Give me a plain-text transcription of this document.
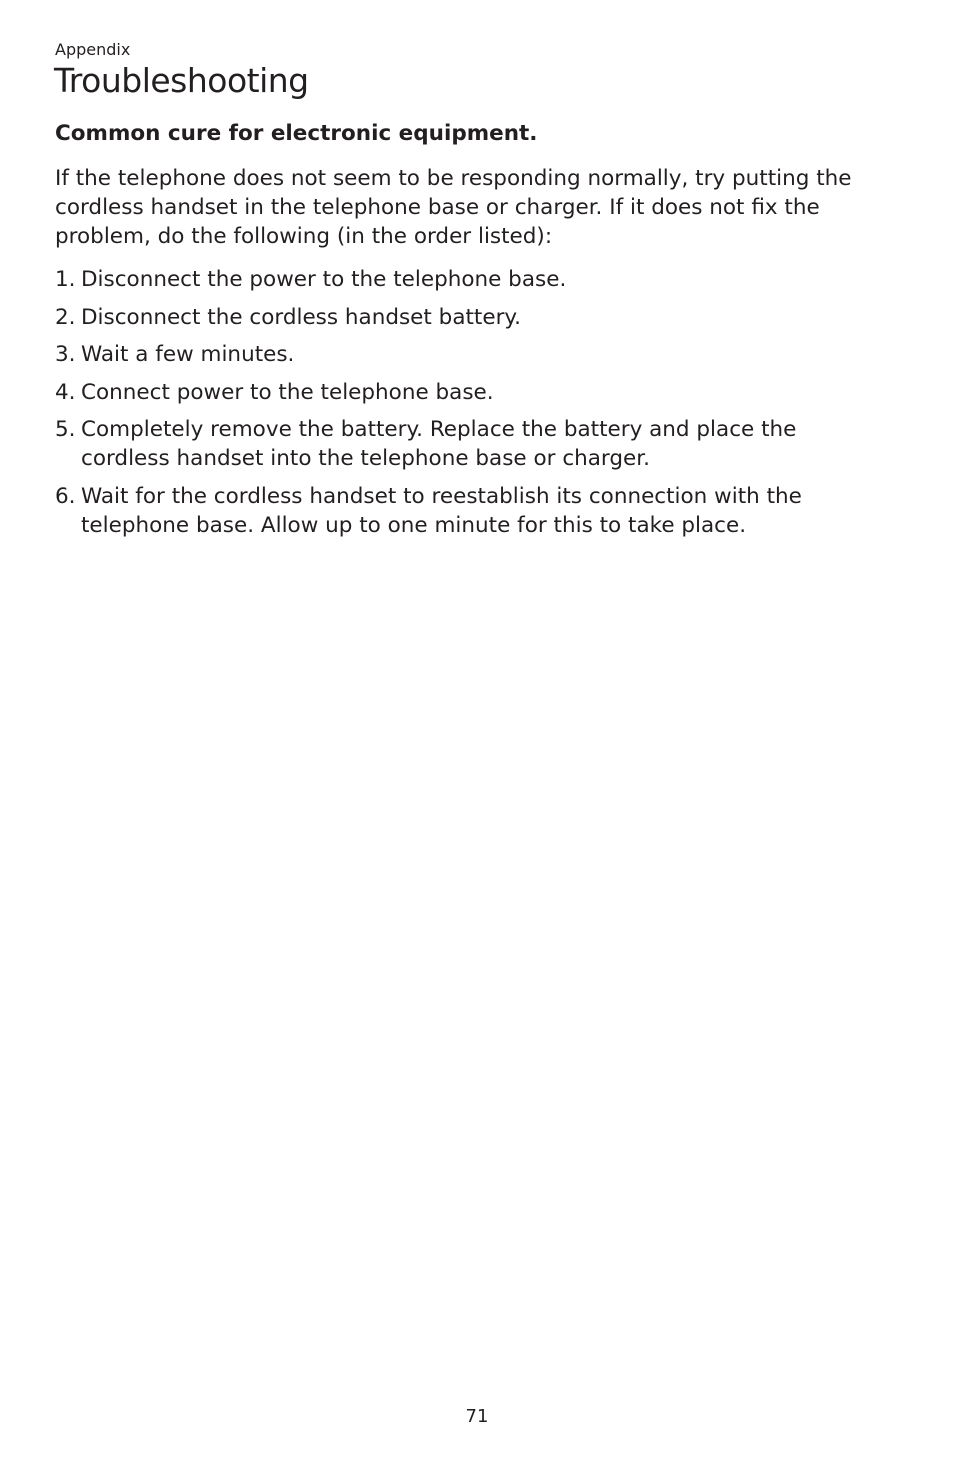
Appendix
Troubleshooting

Common cure for electronic equipment.

If the telephone does not seem to be responding normally, try putting the cordless handset in the telephone base or charger. If it does not fix the problem, do the following (in the order listed):

1. Disconnect the power to the telephone base.
2. Disconnect the cordless handset battery.
3. Wait a few minutes.
4. Connect power to the telephone base.
5. Completely remove the battery. Replace the battery and place the cordless handset into the telephone base or charger.
6. Wait for the cordless handset to reestablish its connection with the telephone base. Allow up to one minute for this to take place.
71
